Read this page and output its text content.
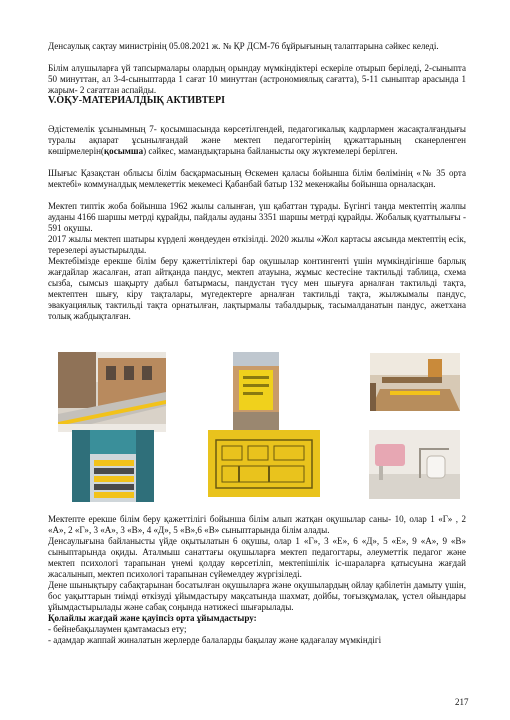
Денсаулық сақтау министрінің 05.08.2021 ж. № ҚР ДСМ-76 бұйрығының талаптарына сәйкес келеді.

Білім алушыларға үй тапсырмалары олардың орындау мүмкіндіктері ескеріле отырып беріледі, 2-сыныпта 50 минуттан, ал 3-4-сыныптарда 1 сағат 10 минуттан (астрономиялық сағатта), 5-11 сыныптар арасында 1 жарым- 2 сағаттан аспайды.

V.ОҚУ-МАТЕРИАЛДЫҚ АКТИВТЕРІ

Әдістемелік ұсынымның 7- қосымшасында көрсетілгендей, педагогикалық кадрлармен жасақталғандығы туралы ақпарат ұсынылғандай және мектеп педагогтерінің құжаттарының сканерленген көшірмелерін(қосымша) сәйкес, мамандықтарына байланысты оқу жүктемелері берілген.

Шығыс Қазақстан облысы білім басқармасының Өскемен қаласы бойынша білім бөлімінің «№ 35 орта мектебі» коммуналдық мемлекеттік мекемесі Қабанбай батыр 132 мекенжайы бойынша орналасқан.

Мектеп типтік жоба бойынша 1962 жылы салынған, үш қабаттан тұрады. Бүгінгі таңда мектептің жалпы ауданы 4166 шаршы метрді құрайды, пайдалы ауданы 3351 шаршы метрді құрайды. Жобалық қуаттылығы - 591 оқушы.

2017 жылы мектеп шатыры күрделі жөндеуден өткізілді. 2020 жылы «Жол картасы аясында мектептің есік, терезелері ауыстырылды.

Мектебімізде ерекше білім беру қажеттіліктері бар оқушылар контингенті үшін мүмкіндігінше барлық жағдайлар жасалған, атап айтқанда пандус, мектеп атауына, жұмыс кестесіне тактильді таблица, схема сызба, сымсыз шақырту дабыл батырмасы, пандустан түсу мен шығуға арналған тактильді тақта, мектептен шығу, кіру тақталары, мүгедектерге арналған тактильді тақта, жылжымалы пандус, эвакуациялық тактильді тақта орнатылған, лақтырмалы табалдырық, тасымалданатын пандус, әжетхана толық жабдықталған.

Мектепте ерекше білім беру қажеттілігі бойынша білім алып жатқан оқушылар саны- 10, олар 1 «Г» , 2 «А», 2 «Г», 3 «А», 3 «В», 4 «Д», 5 «В»,6 «В» сыныптарында білім алады.

Денсаулығына байланысты үйде оқытылатын 6 оқушы, олар 1 «Г», 3 «Е», 6 «Д», 5 «Е», 9 «А», 9 «В» сыныптарында оқиды. Аталмыш санаттағы оқушыларға мектеп педагогтары, әлеуметтік педагог және мектеп психологі тарапынан үнемі қолдау көрсетіліп, мектепішілік іс-шараларға қатысуына жағдай жасалынып, мектеп психологі тарапынан сүйемелдеу жүргізіледі.

Дене шынықтыру сабақтарынан босатылған оқушыларға және оқушылардың ойлау қабілетін дамыту үшін, бос уақыттарын тиімді өткізуді ұйымдастыру мақсатында шахмат, дойбы, тоғызқұмалақ, үстел ойындары ұйымдастырылады және сабақ соңында нәтижесі шығарылады.

Қолайлы жағдай және қауіпсіз орта ұйымдастыру:

- бейнебақылаумен қамтамасыз ету;

- адамдар жаппай жиналатын жерлерде балаларды бақылау және қадағалау мүмкіндігі

217
